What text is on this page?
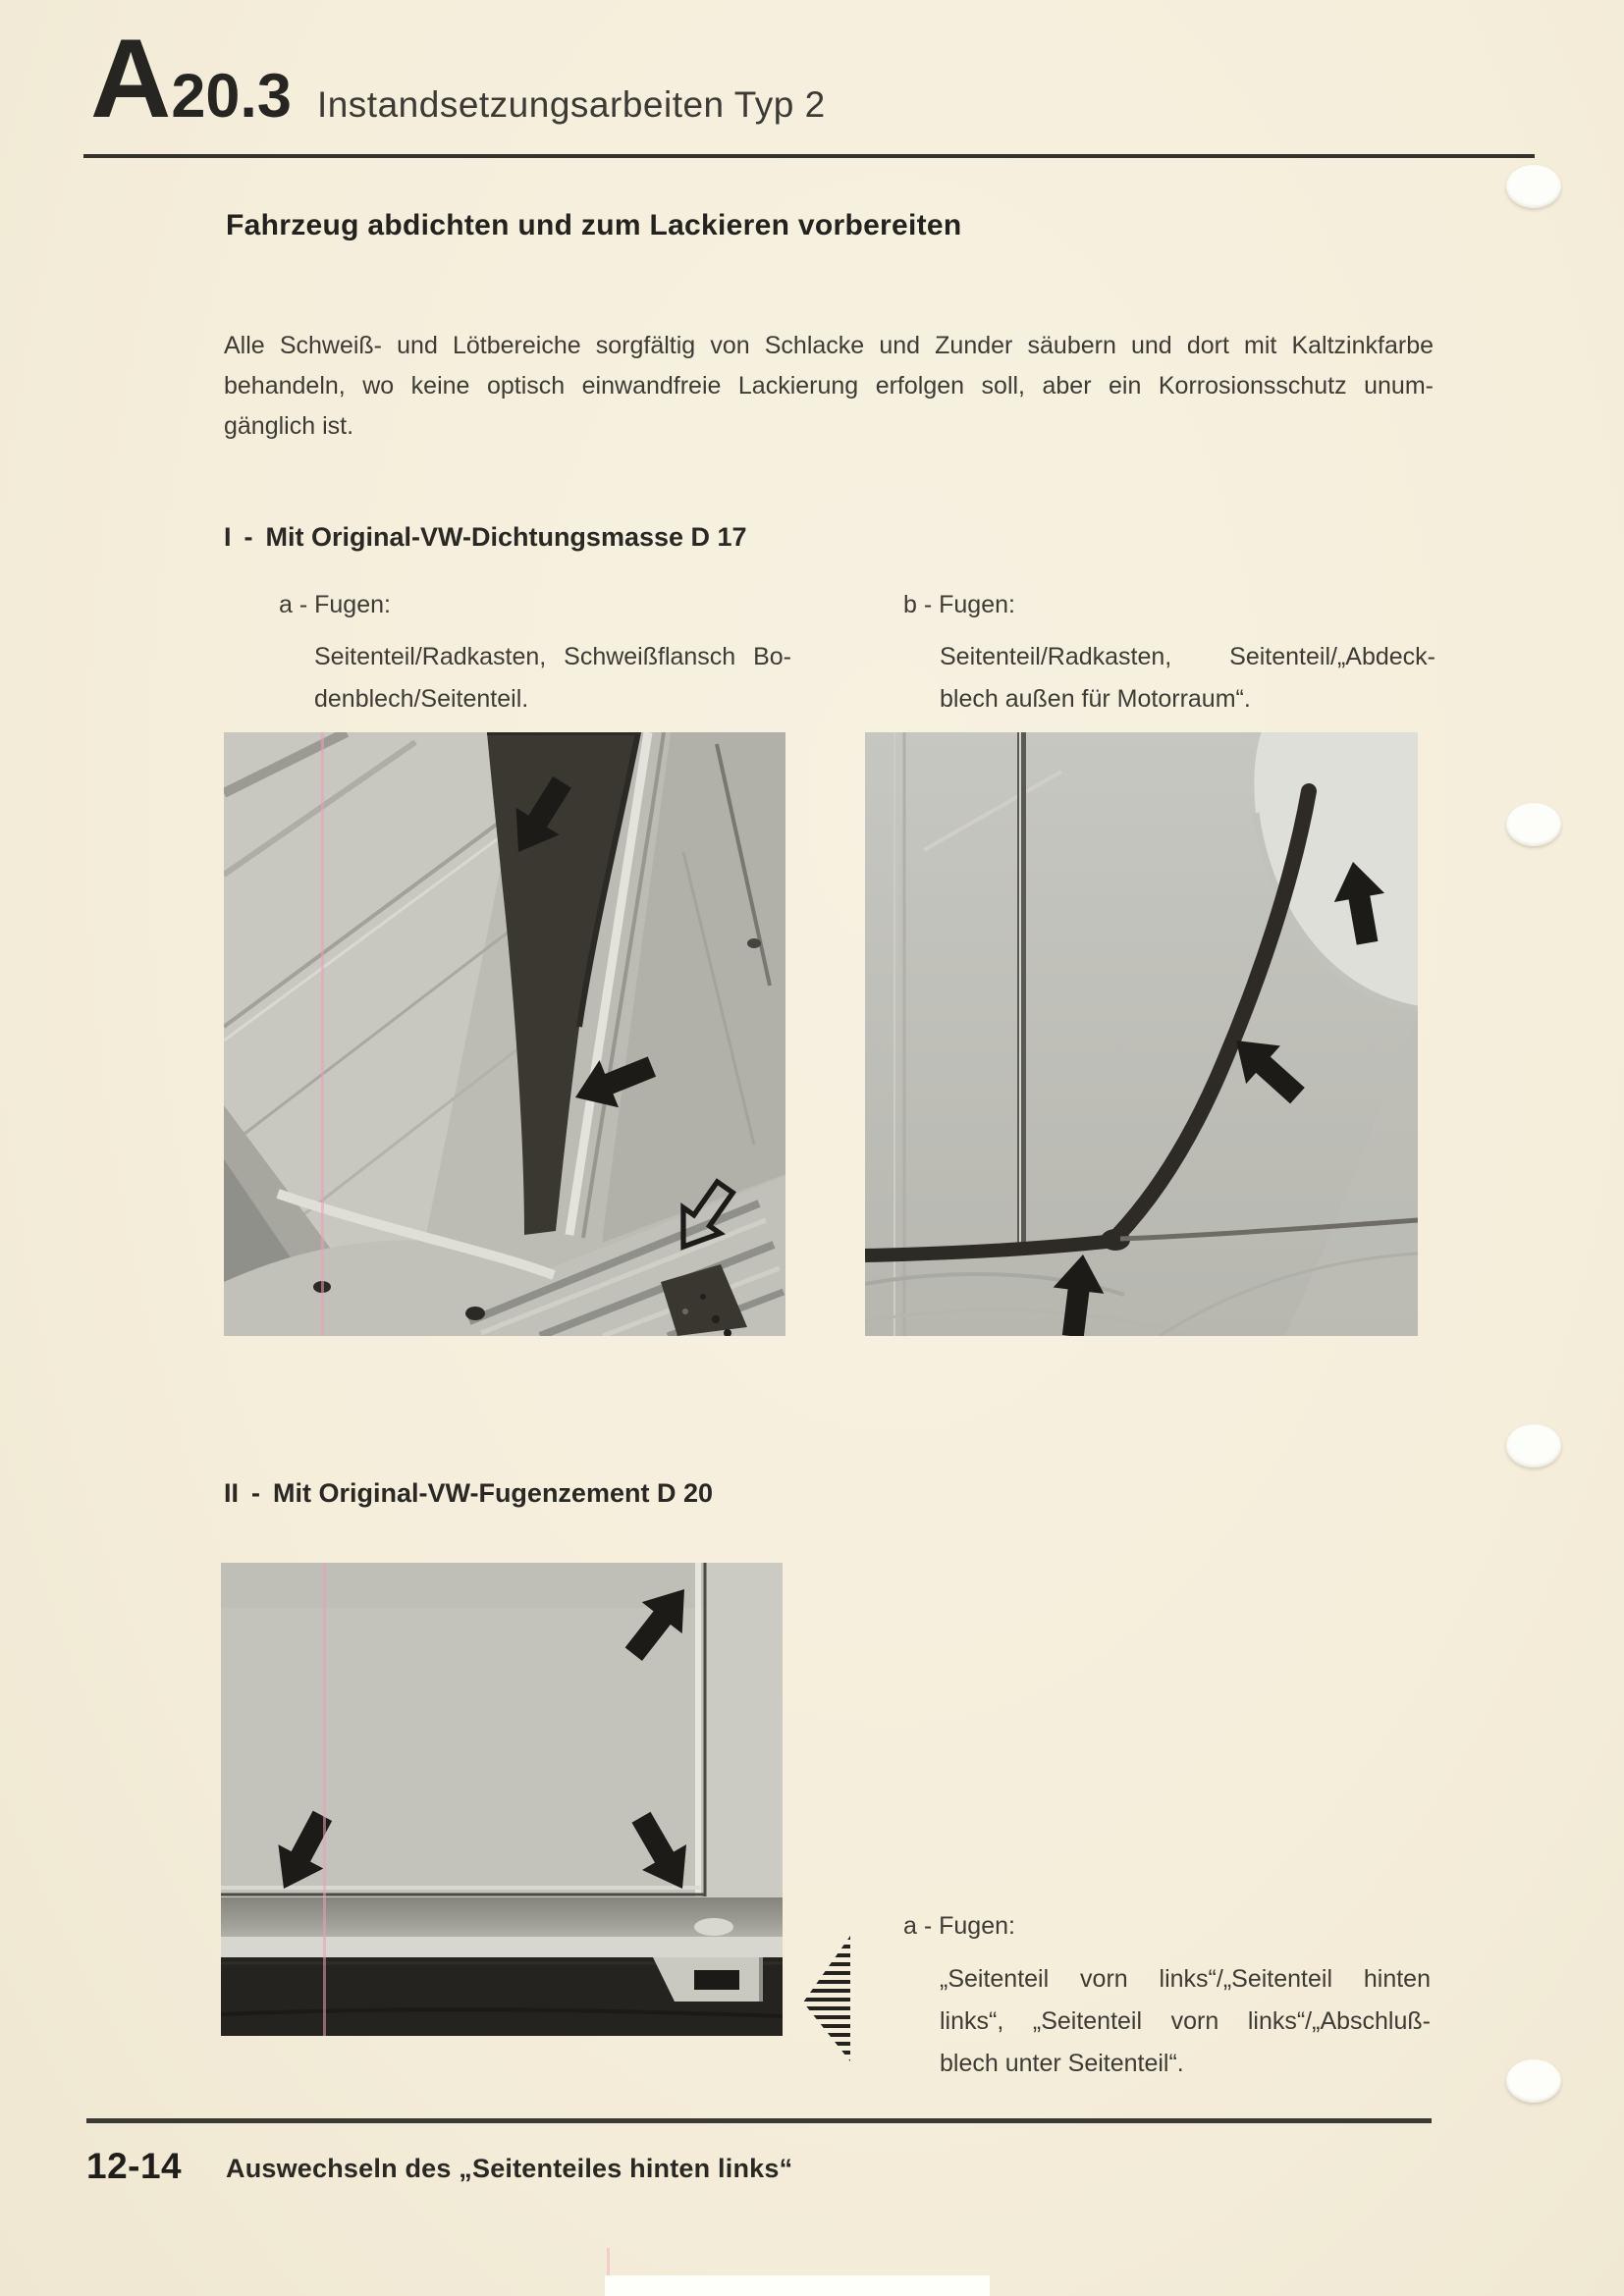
A 20.3 Instandsetzungsarbeiten Typ 2
Fahrzeug abdichten und zum Lackieren vorbereiten
Alle Schweiß- und Lötbereiche sorgfältig von Schlacke und Zunder säubern und dort mit Kaltzinkfarbe
behandeln, wo keine optisch einwandfreie Lackierung erfolgen soll, aber ein Korrosionsschutz unum-
gänglich ist.
I - Mit Original-VW-Dichtungsmasse D 17
a - Fugen:
Seitenteil/Radkasten, Schweißflansch Bo-
denblech/Seitenteil.
b - Fugen:
Seitenteil/Radkasten, Seitenteil/„Abdeck-
blech außen für Motorraum“.
II - Mit Original-VW-Fugenzement D 20
a - Fugen:
„Seitenteil vorn links“/„Seitenteil hinten
links“, „Seitenteil vorn links“/„Abschluß-
blech unter Seitenteil“.
12-14 Auswechseln des „Seitenteiles hinten links“
